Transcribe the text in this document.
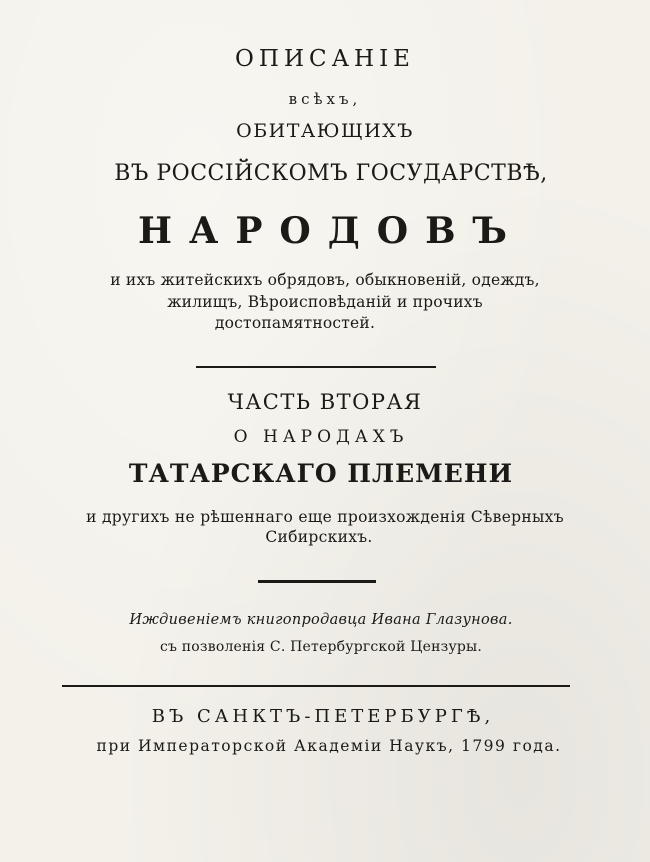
ОПИСАНІЕ
всѣхъ,
ОБИТАЮЩИХЪ
ВЪ РОССІЙСКОМЪ ГОСУДАРСТВѢ,
НАРОДОВЪ
и ихъ житейскихъ обрядовъ, обыкновеній, одеждъ,
жилищъ, Вѣроисповѣданій и прочихъ
достопамятностей.
ЧАСТЬ ВТОРАЯ
О НАРОДАХЪ
ТАТАРСКАГО ПЛЕМЕНИ
и другихъ не рѣшеннаго еще произхожденія Сѣверныхъ
Сибирскихъ.
Иждивеніемъ книгопродавца Ивана Глазунова.
съ позволенія С. Петербургской Цензуры.
ВЪ САНКТЪ-ПЕТЕРБУРГѢ,
при Императорской Академіи Наукъ, 1799 года.
